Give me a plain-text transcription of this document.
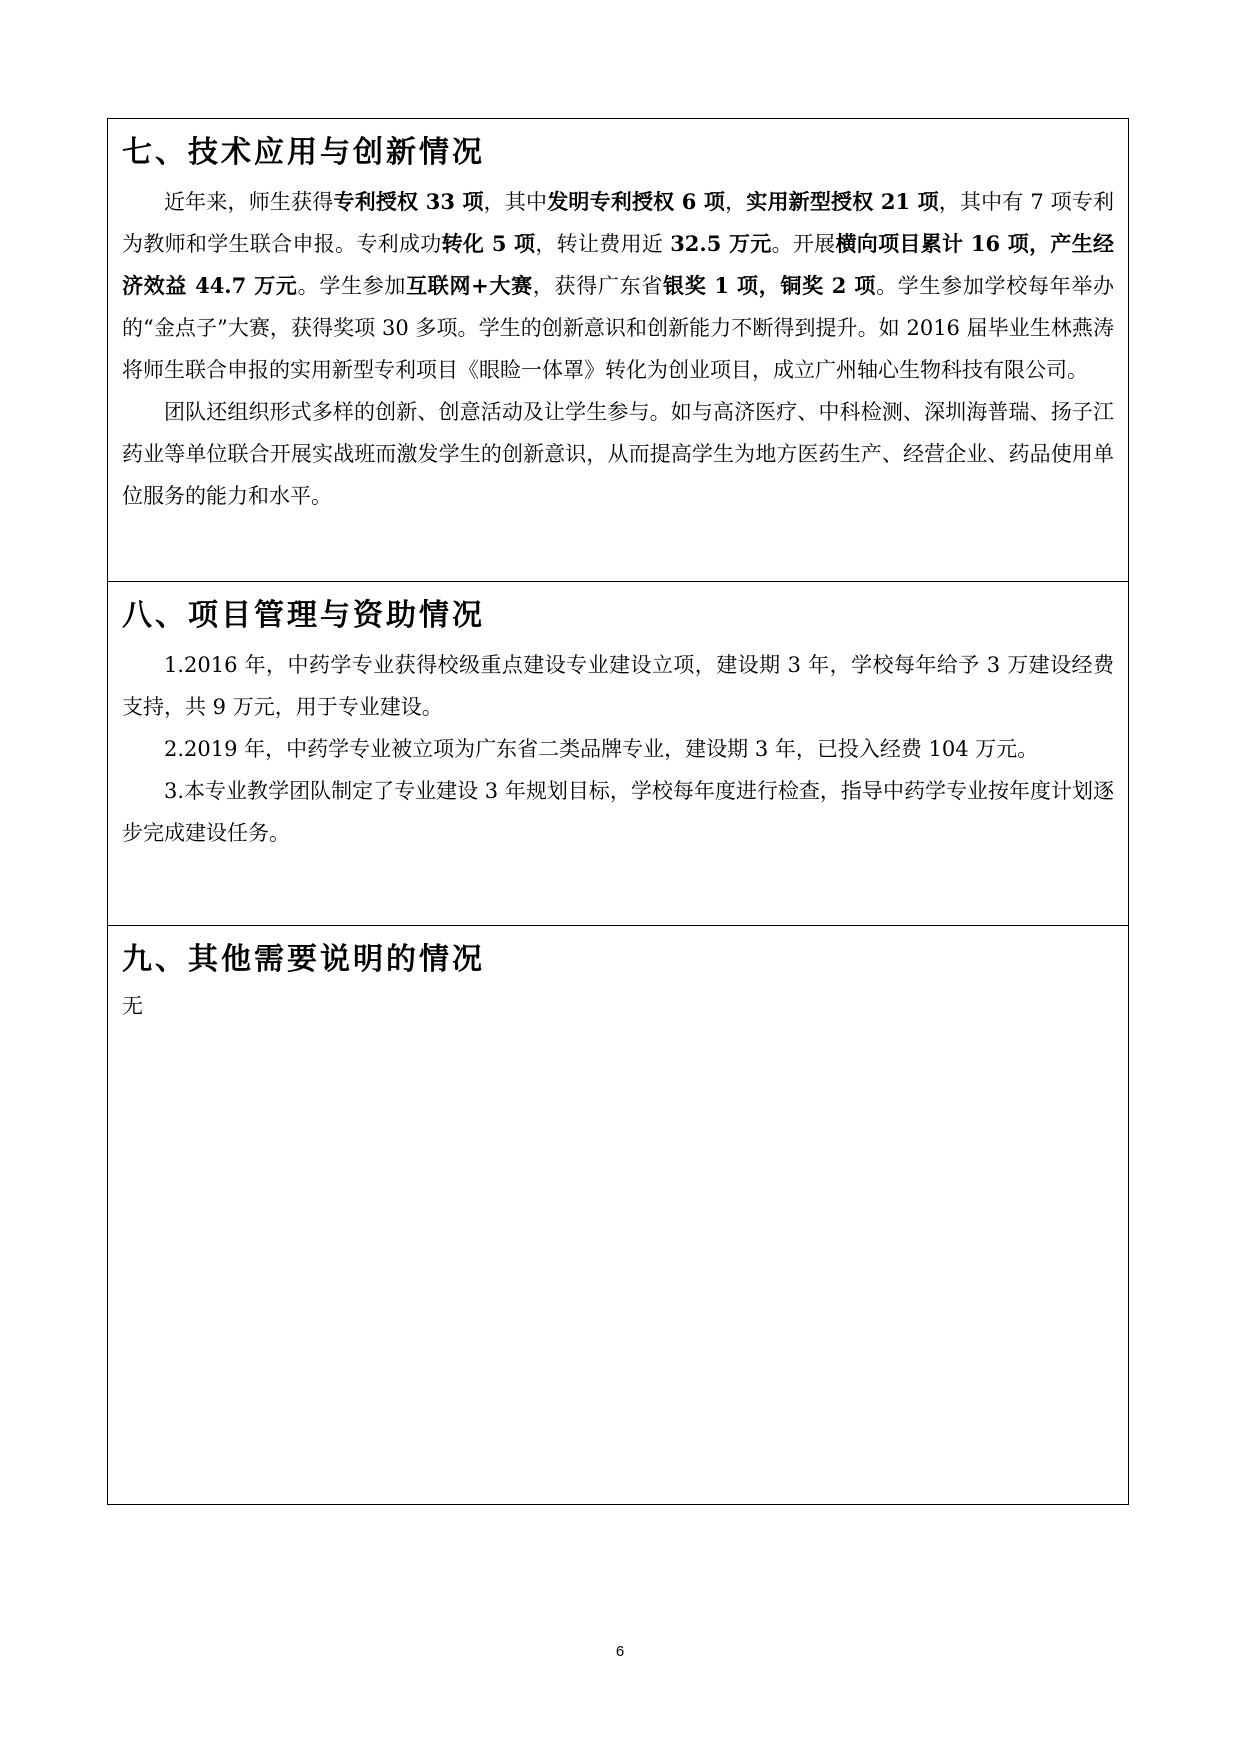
七、技术应用与创新情况

近年来，师生获得专利授权 33 项，其中发明专利授权 6 项，实用新型授权 21 项，其中有 7 项专利为教师和学生联合申报。专利成功转化 5 项，转让费用近 32.5 万元。开展横向项目累计 16 项，产生经济效益 44.7 万元。学生参加互联网+大赛，获得广东省银奖 1 项，铜奖 2 项。学生参加学校每年举办的“金点子”大赛，获得奖项 30 多项。学生的创新意识和创新能力不断得到提升。如 2016 届毕业生林燕涛将师生联合申报的实用新型专利项目《眼睑一体罩》转化为创业项目，成立广州轴心生物科技有限公司。

团队还组织形式多样的创新、创意活动及让学生参与。如与高济医疗、中科检测、深圳海普瑞、扬子江药业等单位联合开展实战班而激发学生的创新意识，从而提高学生为地方医药生产、经营企业、药品使用单位服务的能力和水平。

八、项目管理与资助情况

1.2016 年，中药学专业获得校级重点建设专业建设立项，建设期 3 年，学校每年给予 3 万建设经费支持，共 9 万元，用于专业建设。

2.2019 年，中药学专业被立项为广东省二类品牌专业，建设期 3 年，已投入经费 104 万元。

3.本专业教学团队制定了专业建设 3 年规划目标，学校每年度进行检查，指导中药学专业按年度计划逐步完成建设任务。

九、其他需要说明的情况

无

6
